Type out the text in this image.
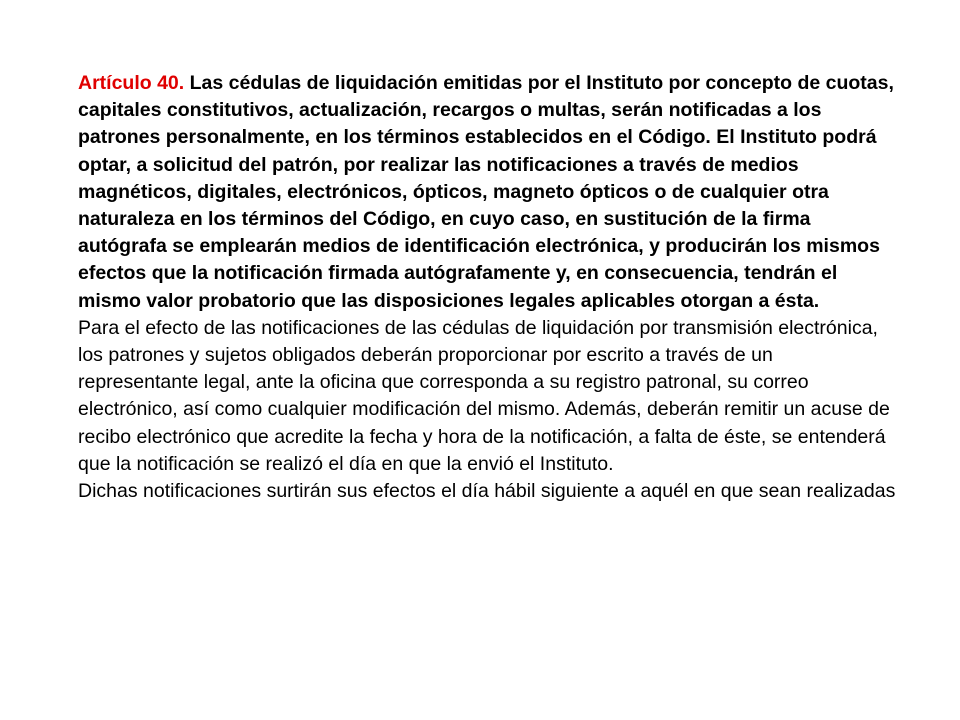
Artículo 40. Las cédulas de liquidación emitidas por el Instituto por concepto de cuotas, capitales constitutivos, actualización, recargos o multas, serán notificadas a los patrones personalmente, en los términos establecidos en el Código. El Instituto podrá optar, a solicitud del patrón, por realizar las notificaciones a través de medios magnéticos, digitales, electrónicos, ópticos, magneto ópticos o de cualquier otra naturaleza en los términos del Código, en cuyo caso, en sustitución de la firma autógrafa se emplearán medios de identificación electrónica, y producirán los mismos efectos que la notificación firmada autógrafamente y, en consecuencia, tendrán el mismo valor probatorio que las disposiciones legales aplicables otorgan a ésta.

Para el efecto de las notificaciones de las cédulas de liquidación por transmisión electrónica, los patrones y sujetos obligados deberán proporcionar por escrito a través de un representante legal, ante la oficina que corresponda a su registro patronal, su correo electrónico, así como cualquier modificación del mismo. Además, deberán remitir un acuse de recibo electrónico que acredite la fecha y hora de la notificación, a falta de éste, se entenderá que la notificación se realizó el día en que la envió el Instituto.

Dichas notificaciones surtirán sus efectos el día hábil siguiente a aquél en que sean realizadas
